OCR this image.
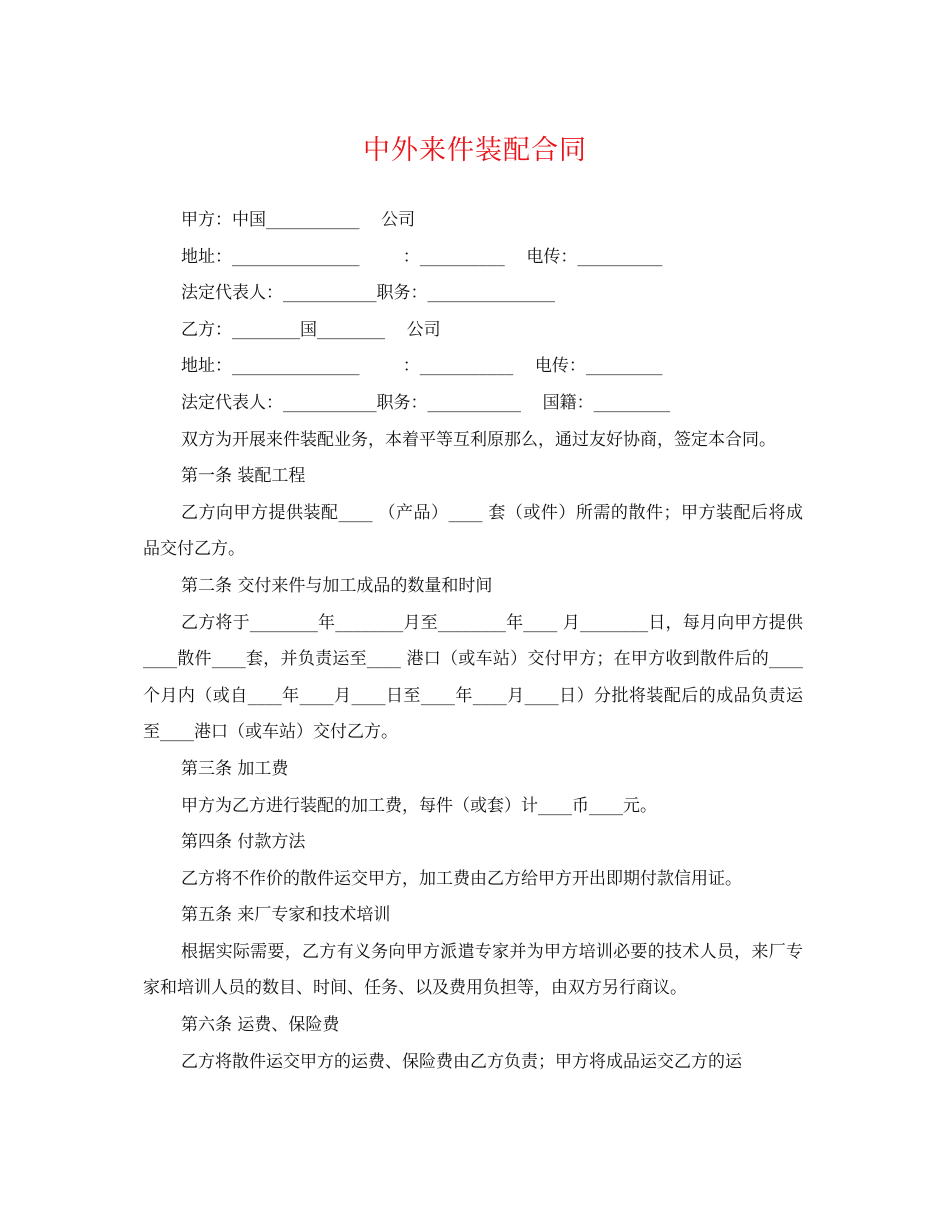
中外来件装配合同
甲方：中国___________    公司
地址：_______________        ：__________    电传：__________
法定代表人：___________职务：_______________
乙方：________国________    公司
地址：_______________        ：___________    电传：_________
法定代表人：___________职务：___________    国籍：_________

双方为开展来件装配业务，本着平等互利原那么，通过友好协商，签定本合同。

第一条 装配工程

乙方向甲方提供装配____ （产品）____ 套（或件）所需的散件；甲方装配后将成品交付乙方。

第二条 交付来件与加工成品的数量和时间

乙方将于________年________月至________年____ 月________日，每月向甲方提供____散件____套，并负责运至____ 港口（或车站）交付甲方；在甲方收到散件后的____个月内（或自____年____月____日至____年____月____日）分批将装配后的成品负责运至____港口（或车站）交付乙方。

第三条 加工费

甲方为乙方进行装配的加工费，每件（或套）计____币____元。

第四条 付款方法

乙方将不作价的散件运交甲方，加工费由乙方给甲方开出即期付款信用证。

第五条 来厂专家和技术培训

根据实际需要，乙方有义务向甲方派遣专家并为甲方培训必要的技术人员，来厂专家和培训人员的数目、时间、任务、以及费用负担等，由双方另行商议。

第六条 运费、保险费

乙方将散件运交甲方的运费、保险费由乙方负责；甲方将成品运交乙方的运
